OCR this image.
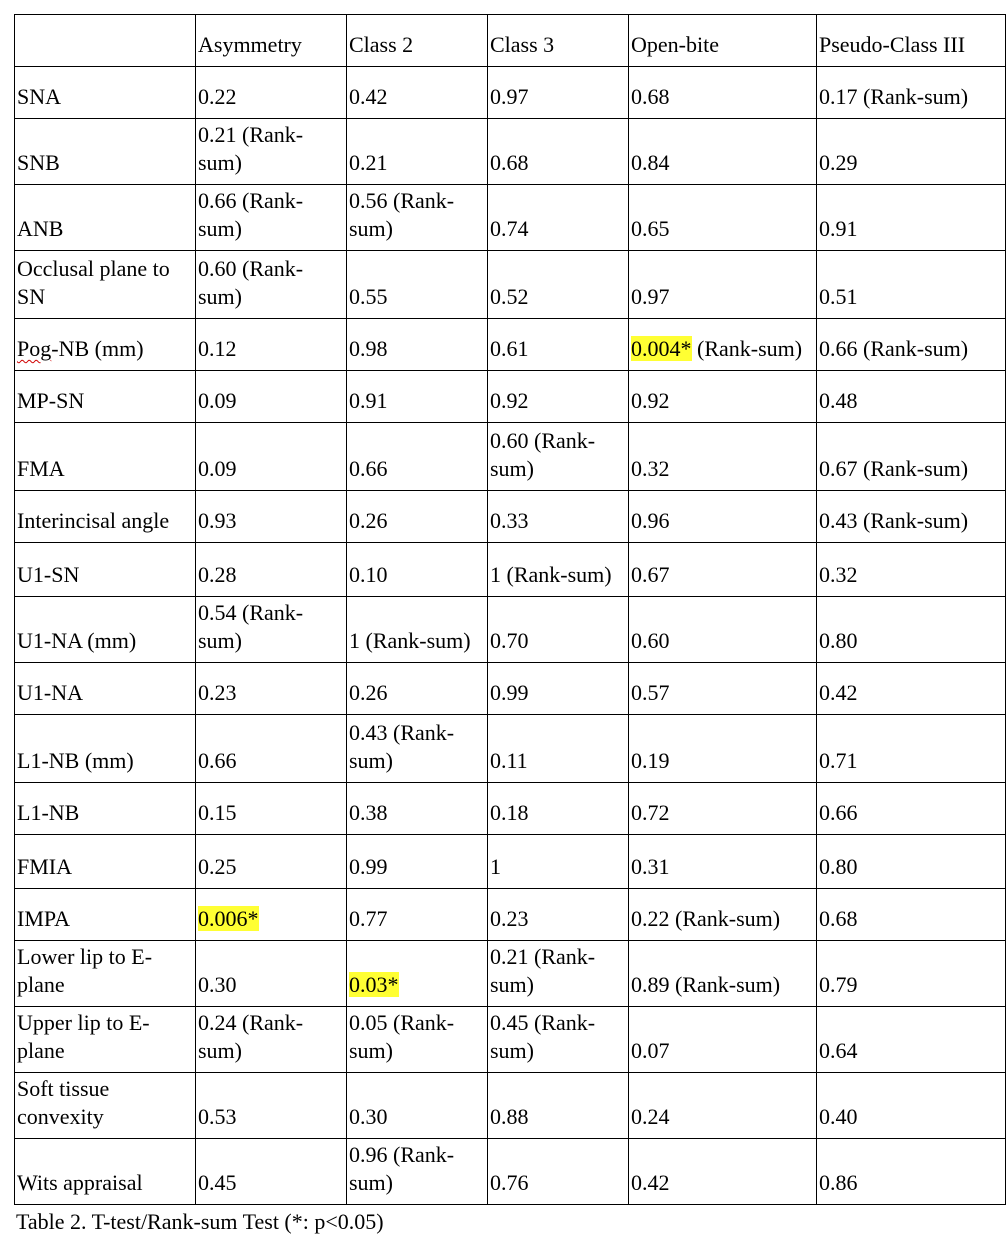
	Asymmetry	Class 2	Class 3	Open-bite	Pseudo-Class III
SNA	0.22	0.42	0.97	0.68	0.17 (Rank-sum)
SNB	0.21 (Rank-sum)	0.21	0.68	0.84	0.29
ANB	0.66 (Rank-sum)	0.56 (Rank-sum)	0.74	0.65	0.91
Occlusal plane to SN	0.60 (Rank-sum)	0.55	0.52	0.97	0.51
Pog-NB (mm)	0.12	0.98	0.61	0.004* (Rank-sum)	0.66 (Rank-sum)
MP-SN	0.09	0.91	0.92	0.92	0.48
FMA	0.09	0.66	0.60 (Rank-sum)	0.32	0.67 (Rank-sum)
Interincisal angle	0.93	0.26	0.33	0.96	0.43 (Rank-sum)
U1-SN	0.28	0.10	1 (Rank-sum)	0.67	0.32
U1-NA (mm)	0.54 (Rank-sum)	1 (Rank-sum)	0.70	0.60	0.80
U1-NA	0.23	0.26	0.99	0.57	0.42
L1-NB (mm)	0.66	0.43 (Rank-sum)	0.11	0.19	0.71
L1-NB	0.15	0.38	0.18	0.72	0.66
FMIA	0.25	0.99	1	0.31	0.80
IMPA	0.006*	0.77	0.23	0.22 (Rank-sum)	0.68
Lower lip to E-plane	0.30	0.03*	0.21 (Rank-sum)	0.89 (Rank-sum)	0.79
Upper lip to E-plane	0.24 (Rank-sum)	0.05 (Rank-sum)	0.45 (Rank-sum)	0.07	0.64
Soft tissue convexity	0.53	0.30	0.88	0.24	0.40
Wits appraisal	0.45	0.96 (Rank-sum)	0.76	0.42	0.86
Table 2. T-test/Rank-sum Test (*: p<0.05)
